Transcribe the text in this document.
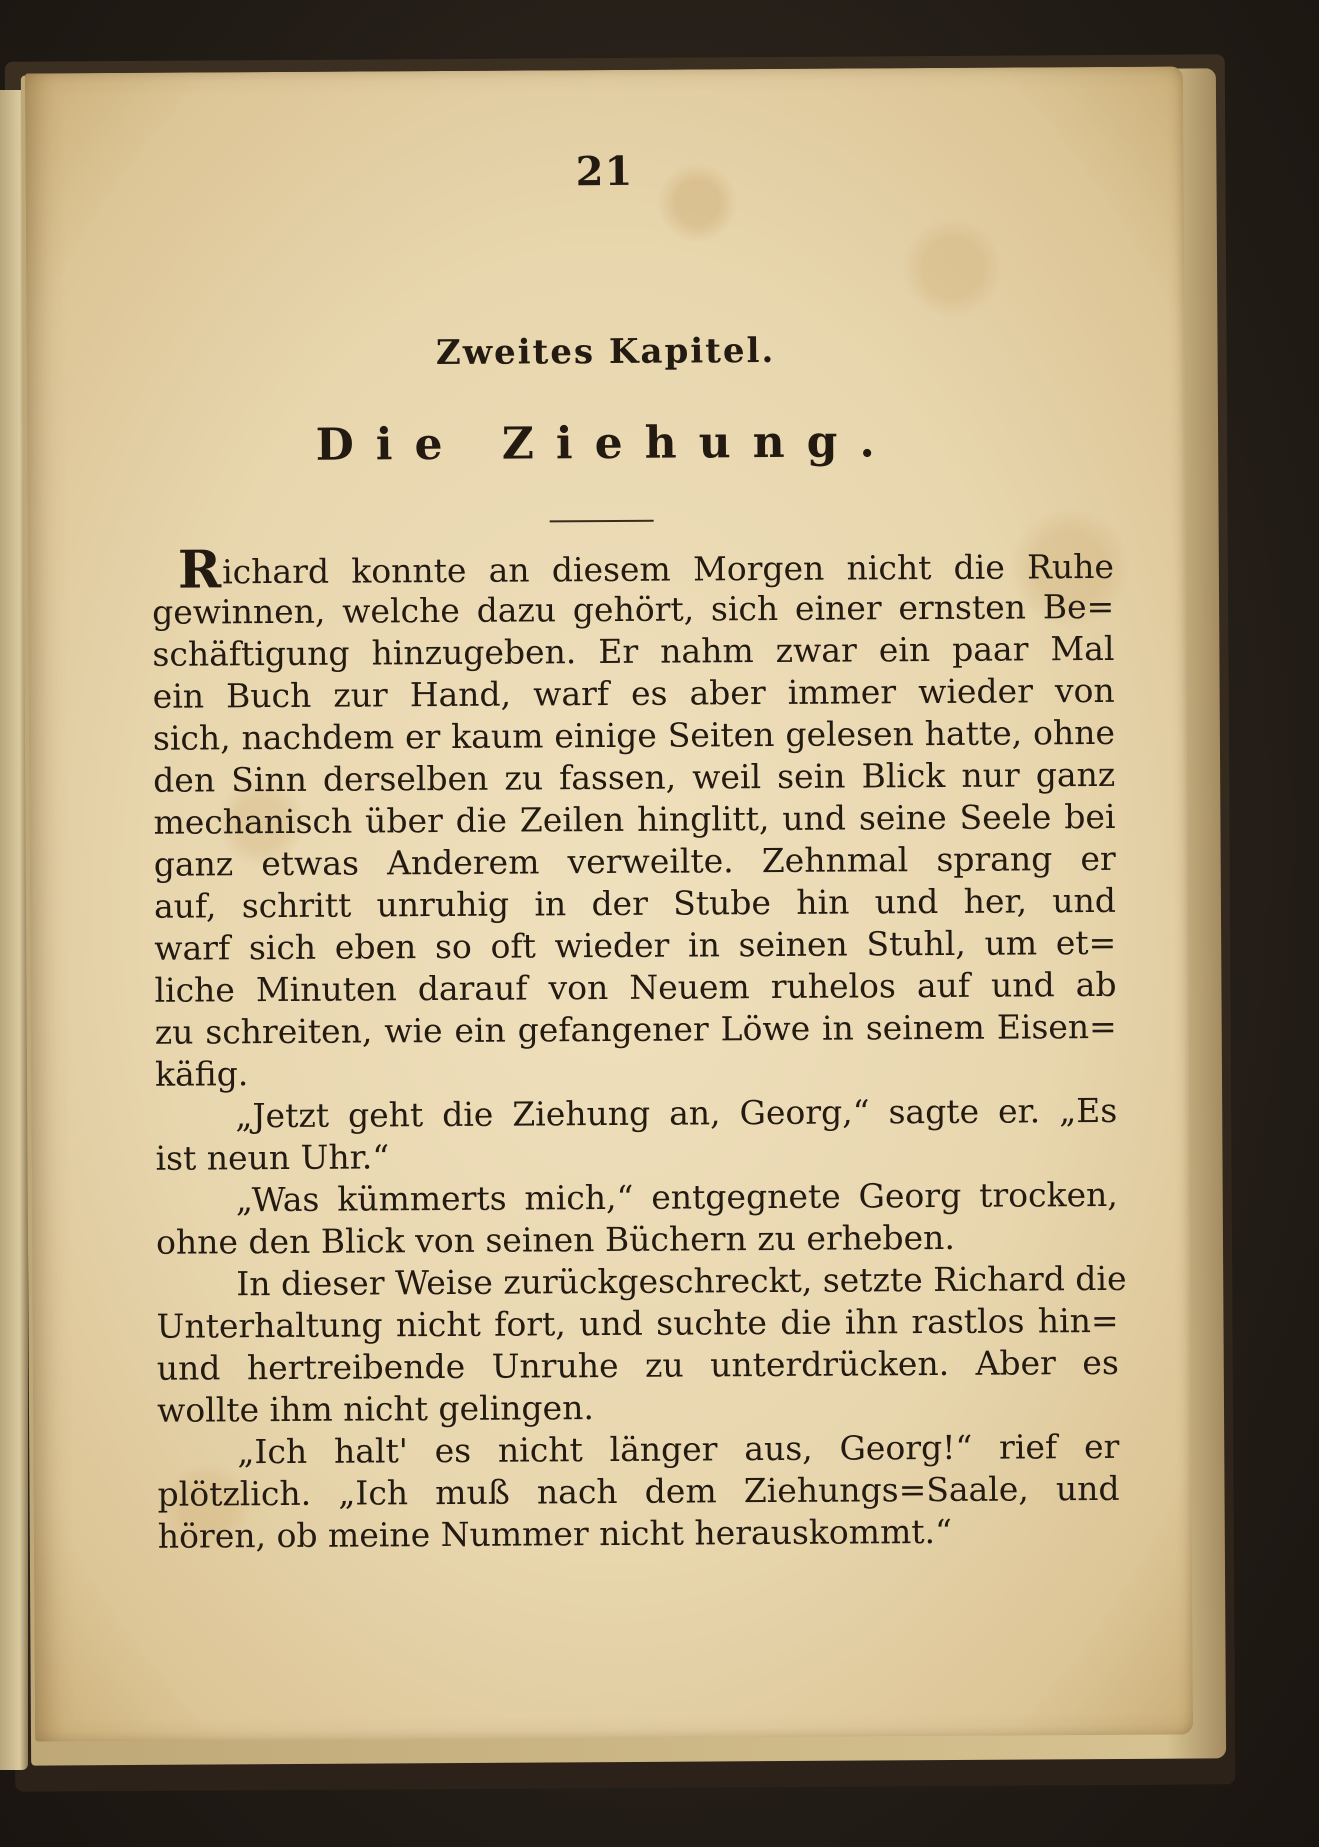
21
Zweites Kapitel.
Die Ziehung.
Richard konnte an diesem Morgen nicht die Ruhe
gewinnen, welche dazu gehört, sich einer ernsten Be=
schäftigung hinzugeben. Er nahm zwar ein paar Mal
ein Buch zur Hand, warf es aber immer wieder von
sich, nachdem er kaum einige Seiten gelesen hatte, ohne
den Sinn derselben zu fassen, weil sein Blick nur ganz
mechanisch über die Zeilen hinglitt, und seine Seele bei
ganz etwas Anderem verweilte. Zehnmal sprang er
auf, schritt unruhig in der Stube hin und her, und
warf sich eben so oft wieder in seinen Stuhl, um et=
liche Minuten darauf von Neuem ruhelos auf und ab
zu schreiten, wie ein gefangener Löwe in seinem Eisen=
käfig.
„Jetzt geht die Ziehung an, Georg,“ sagte er. „Es
ist neun Uhr.“
„Was kümmerts mich,“ entgegnete Georg trocken,
ohne den Blick von seinen Büchern zu erheben.
In dieser Weise zurückgeschreckt, setzte Richard die
Unterhaltung nicht fort, und suchte die ihn rastlos hin=
und hertreibende Unruhe zu unterdrücken. Aber es
wollte ihm nicht gelingen.
„Ich halt' es nicht länger aus, Georg!“ rief er
plötzlich. „Ich muß nach dem Ziehungs=Saale, und
hören, ob meine Nummer nicht herauskommt.“
